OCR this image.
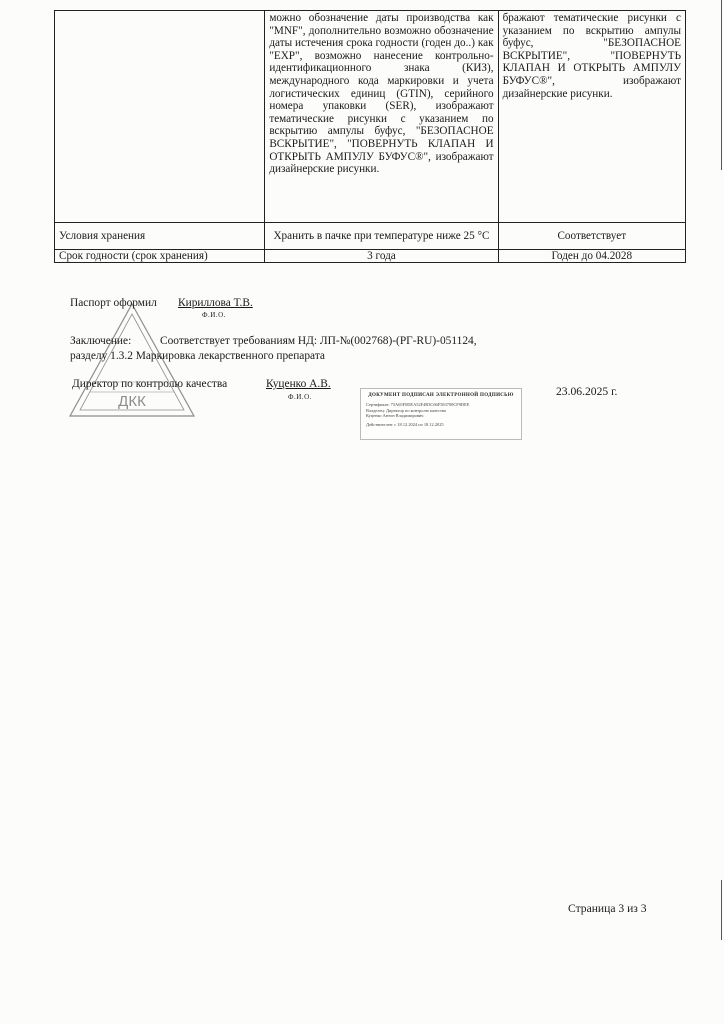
	можно обозначение даты производства как "MNF", дополнительно возможно обозначение даты истечения срока годности (годен до..) как "EXP", возможно нанесение контрольно-идентификационного знака (КИЗ), международного кода маркировки и учета логистических единиц (GTIN), серийного номера упаковки (SER), изображают тематические рисунки с указанием по вскрытию ампулы буфус, "БЕЗОПАСНОЕ ВСКРЫТИЕ", "ПОВЕРНУТЬ КЛАПАН И ОТКРЫТЬ АМПУЛУ БУФУС®", изображают дизайнерские рисунки.	бражают тематические рисунки с указанием по вскрытию ампулы буфус, "БЕЗОПАСНОЕ ВСКРЫТИЕ", "ПОВЕРНУТЬ КЛАПАН И ОТКРЫТЬ АМПУЛУ БУФУС®", изображают дизайнерские рисунки.
Условия хранения	Хранить в пачке при температуре ниже 25 °С	Соответствует
Срок годности (срок хранения)	3 года	Годен до 04.2028
ДКК
Паспорт оформил Кириллова Т.В.
Ф.И.О.
Заключение:	Соответствует требованиям НД: ЛП-№(002768)-(РГ-RU)-051124,
разделу 1.3.2 Маркировка лекарственного препарата
Директор по контролю качества	Куценко А.В.
Ф.И.О.	ДОКУМЕНТ ПОДПИСАН ЭЛЕКТРОННОЙ ПОДПИСЬЮ
Сертификат: 75A65F0DEA52F4B3C66F583700CF9DEE
Владелец: Директор по контролю качества
Куценко Антон Владимирович
Действителен: с 18.12.2024 по 18.12.2025
23.06.2025 г.
Страница 3 из 3
